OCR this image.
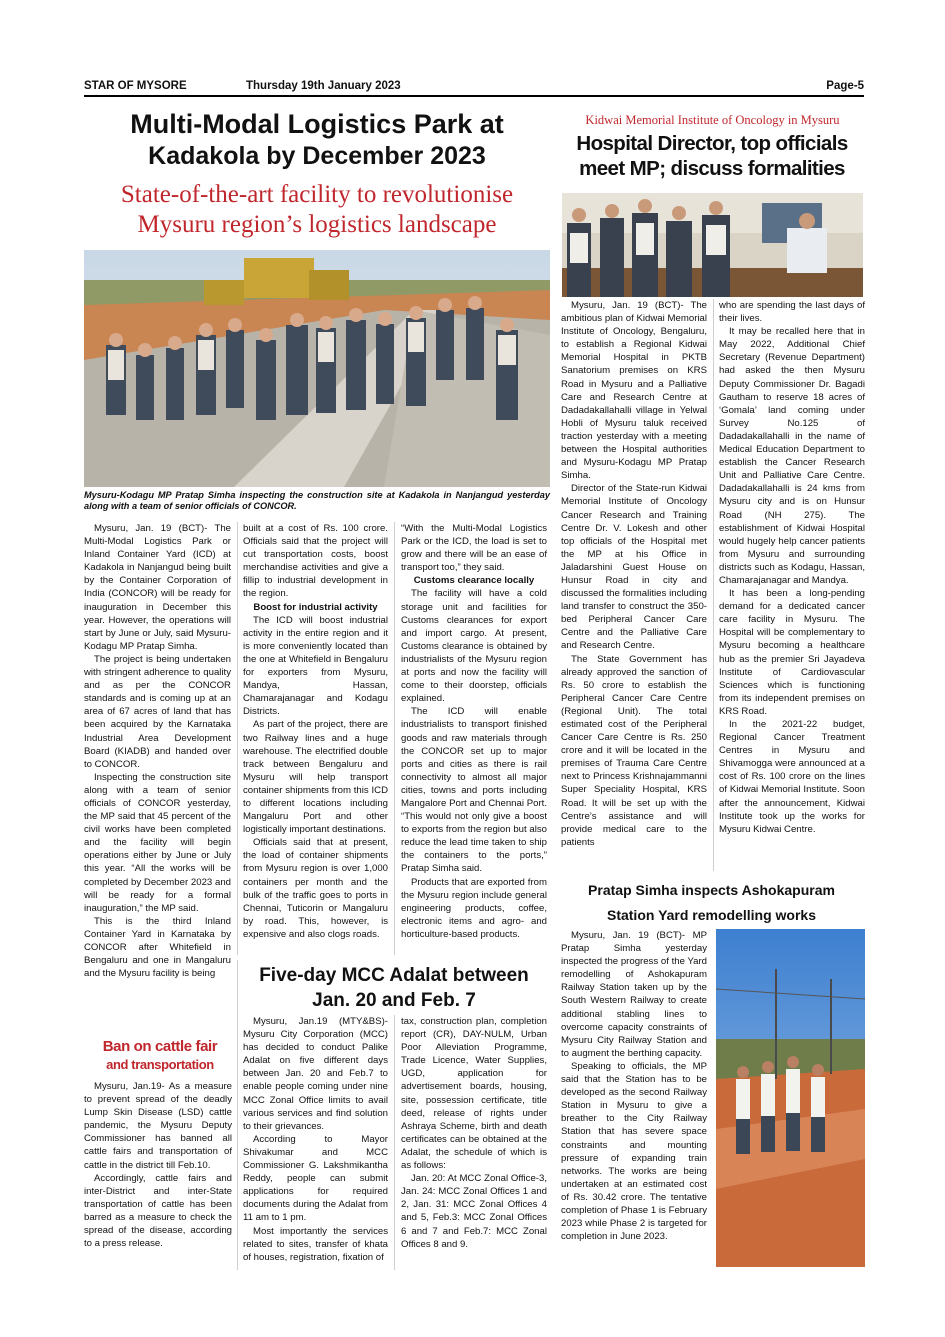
STAR OF MYSORE	Thursday 19th January 2023	Page-5
Multi-Modal Logistics Park at
Kadakola by December 2023
State-of-the-art facility to revolutionise
Mysuru region’s logistics landscape
Mysuru-Kodagu MP Pratap Simha inspecting the construction site at Kadakola in Nanjangud yesterday along with a team of senior officials of CONCOR.

Mysuru, Jan. 19 (BCT)- The Multi-Modal Logistics Park or Inland Container Yard (ICD) at Kadakola in Nanjangud being built by the Container Corporation of India (CONCOR) will be ready for inauguration in December this year. However, the operations will start by June or July, said Mysuru-Kodagu MP Pratap Simha.

The project is being undertaken with stringent adherence to quality and as per the CONCOR standards and is coming up at an area of 67 acres of land that has been acquired by the Karnataka Industrial Area Development Board (KIADB) and handed over to CONCOR.

Inspecting the construction site along with a team of senior officials of CONCOR yesterday, the MP said that 45 percent of the civil works have been completed and the facility will begin operations either by June or July this year. “All the works will be completed by December 2023 and will be ready for a formal inauguration,” the MP said.

This is the third Inland Container Yard in Karnataka by CONCOR after Whitefield in Bengaluru and one in Mangaluru and the Mysuru facility is being

built at a cost of Rs. 100 crore. Officials said that the project will cut transportation costs, boost merchandise activities and give a fillip to industrial development in the region.

Boost for industrial activity

The ICD will boost industrial activity in the entire region and it is more conveniently located than the one at Whitefield in Bengaluru for exporters from Mysuru, Mandya, Hassan, Chamarajanagar and Kodagu Districts.

As part of the project, there are two Railway lines and a huge warehouse. The electrified double track between Bengaluru and Mysuru will help transport container shipments from this ICD to different locations including Mangaluru Port and other logistically important destinations.

Officials said that at present, the load of container shipments from Mysuru region is over 1,000 containers per month and the bulk of the traffic goes to ports in Chennai, Tuticorin or Mangaluru by road. This, however, is expensive and also clogs roads.

“With the Multi-Modal Logistics Park or the ICD, the load is set to grow and there will be an ease of transport too,” they said.

Customs clearance locally

The facility will have a cold storage unit and facilities for Customs clearances for export and import cargo. At present, Customs clearance is obtained by industrialists of the Mysuru region at ports and now the facility will come to their doorstep, officials explained.

The ICD will enable industrialists to transport finished goods and raw materials through the CONCOR set up to major ports and cities as there is rail connectivity to almost all major cities, towns and ports including Mangalore Port and Chennai Port. “This would not only give a boost to exports from the region but also reduce the lead time taken to ship the containers to the ports,” Pratap Simha said.

Products that are exported from the Mysuru region include general engineering products, coffee, electronic items and agro- and horticulture-based products.

Kidwai Memorial Institute of Oncology in Mysuru
Hospital Director, top officials
meet MP; discuss formalities

Mysuru, Jan. 19 (BCT)- The ambitious plan of Kidwai Memorial Institute of Oncology, Bengaluru, to establish a Regional Kidwai Memorial Hospital in PKTB Sanatorium premises on KRS Road in Mysuru and a Palliative Care and Research Centre at Dadadakallahalli village in Yelwal Hobli of Mysuru taluk received traction yesterday with a meeting between the Hospital authorities and Mysuru-Kodagu MP Pratap Simha.

Director of the State-run Kidwai Memorial Institute of Oncology Cancer Research and Training Centre Dr. V. Lokesh and other top officials of the Hospital met the MP at his Office in Jaladarshini Guest House on Hunsur Road in city and discussed the formalities including land transfer to construct the 350-bed Peripheral Cancer Care Centre and the Palliative Care and Research Centre.

The State Government has already approved the sanction of Rs. 50 crore to establish the Peripheral Cancer Care Centre (Regional Unit). The total estimated cost of the Peripheral Cancer Care Centre is Rs. 250 crore and it will be located in the premises of Trauma Care Centre next to Princess Krishnajammanni Super Speciality Hospital, KRS Road. It will be set up with the Centre’s assistance and will provide medical care to the patients

who are spending the last days of their lives.

It may be recalled here that in May 2022, Additional Chief Secretary (Revenue Department) had asked the then Mysuru Deputy Commissioner Dr. Bagadi Gautham to reserve 18 acres of ‘Gomala’ land coming under Survey No.125 of Dadadakallahalli in the name of Medical Education Department to establish the Cancer Research Unit and Palliative Care Centre. Dadadakallahalli is 24 kms from Mysuru city and is on Hunsur Road (NH 275). The establishment of Kidwai Hospital would hugely help cancer patients from Mysuru and surrounding districts such as Kodagu, Hassan, Chamarajanagar and Mandya.

It has been a long-pending demand for a dedicated cancer care facility in Mysuru. The Hospital will be complementary to Mysuru becoming a healthcare hub as the premier Sri Jayadeva Institute of Cardiovascular Sciences which is functioning from its independent premises on KRS Road.

In the 2021-22 budget, Regional Cancer Treatment Centres in Mysuru and Shivamogga were announced at a cost of Rs. 100 crore on the lines of Kidwai Memorial Institute. Soon after the announcement, Kidwai Institute took up the works for Mysuru Kidwai Centre.

Ban on cattle fair
and transportation

Mysuru, Jan.19- As a measure to prevent spread of the deadly Lump Skin Disease (LSD) cattle pandemic, the Mysuru Deputy Commissioner has banned all cattle fairs and transportation of cattle in the district till Feb.10.

Accordingly, cattle fairs and inter-District and inter-State transportation of cattle has been barred as a measure to check the spread of the disease, according to a press release.

Five-day MCC Adalat between
Jan. 20 and Feb. 7

Mysuru, Jan.19 (MTY&BS)- Mysuru City Corporation (MCC) has decided to conduct Palike Adalat on five different days between Jan. 20 and Feb.7 to enable people coming under nine MCC Zonal Office limits to avail various services and find solution to their grievances.

According to Mayor Shivakumar and MCC Commissioner G. Lakshmikantha Reddy, people can submit applications for required documents during the Adalat from 11 am to 1 pm.

Most importantly the services related to sites, transfer of khata of houses, registration, fixation of

tax, construction plan, completion report (CR), DAY-NULM, Urban Poor Alleviation Programme, Trade Licence, Water Supplies, UGD, application for advertisement boards, housing, site, possession certificate, title deed, release of rights under Ashraya Scheme, birth and death certificates can be obtained at the Adalat, the schedule of which is as follows:

Jan. 20: At MCC Zonal Office-3, Jan. 24: MCC Zonal Offices 1 and 2, Jan. 31: MCC Zonal Offices 4 and 5, Feb.3: MCC Zonal Offices 6 and 7 and Feb.7: MCC Zonal Offices 8 and 9.

Pratap Simha inspects Ashokapuram
Station Yard remodelling works

Mysuru, Jan. 19 (BCT)- MP Pratap Simha yesterday inspected the progress of the Yard remodelling of Ashokapuram Railway Station taken up by the South Western Railway to create additional stabling lines to overcome capacity constraints of Mysuru City Railway Station and to augment the berthing capacity.

Speaking to officials, the MP said that the Station has to be developed as the second Railway Station in Mysuru to give a breather to the City Railway Station that has severe space constraints and mounting pressure of expanding train networks. The works are being undertaken at an estimated cost of Rs. 30.42 crore. The tentative completion of Phase 1 is February 2023 while Phase 2 is targeted for completion in June 2023.
